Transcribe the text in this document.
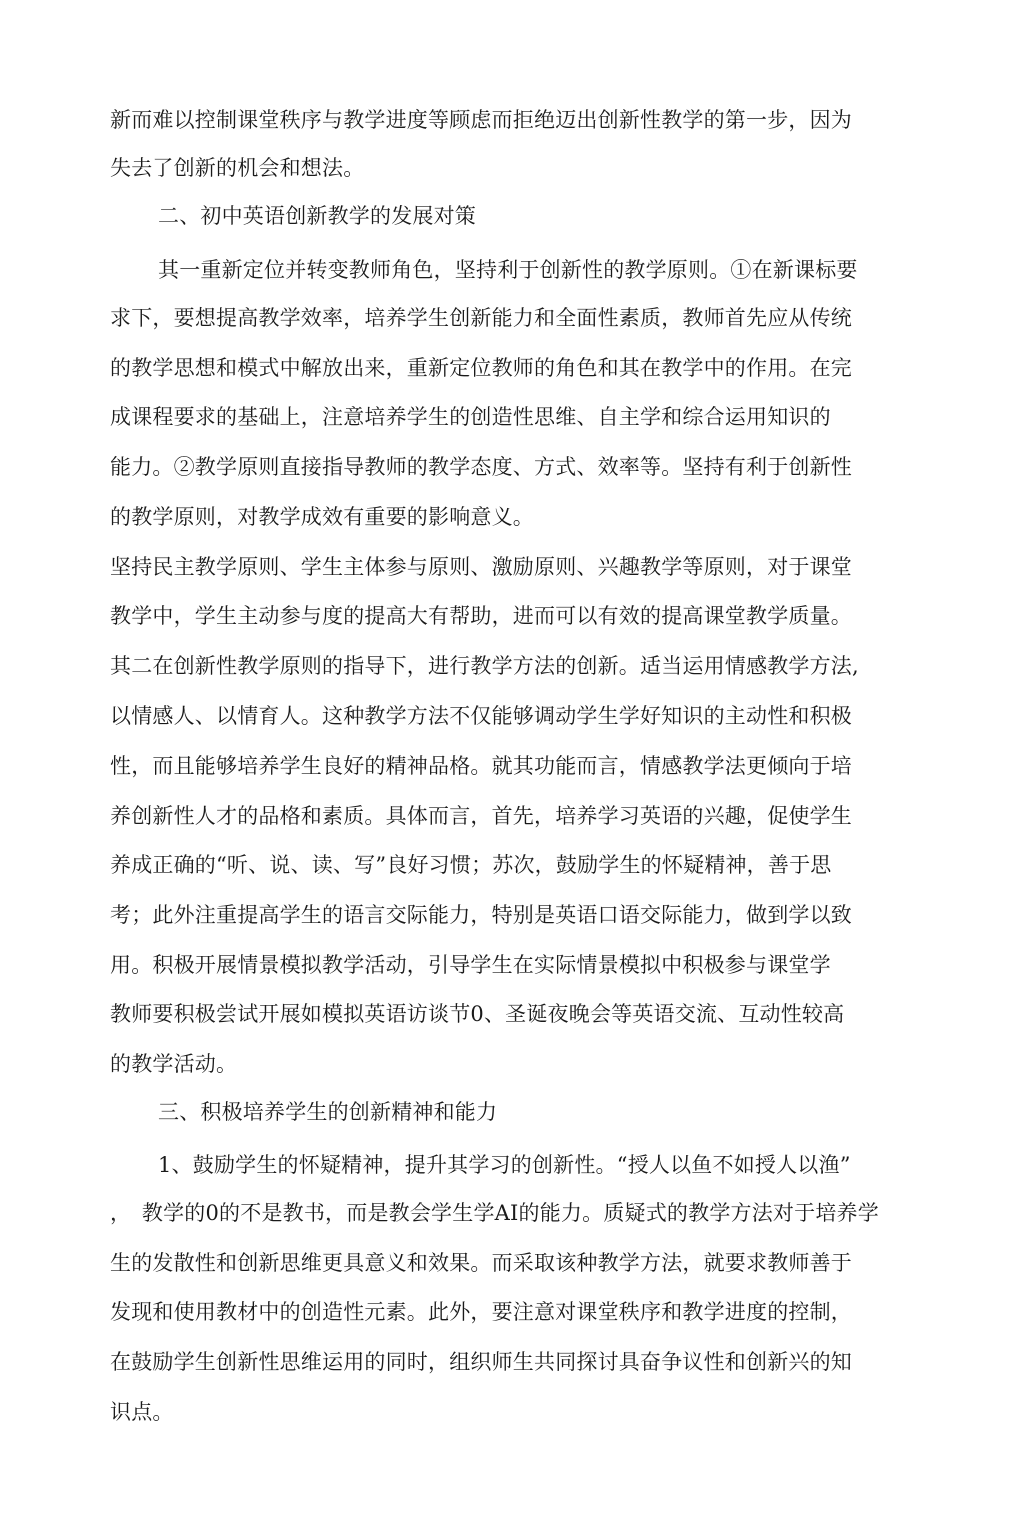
新而难以控制课堂秩序与教学进度等顾虑而拒绝迈出创新性教学的第一步，因为

失去了创新的机会和想法。

二、初中英语创新教学的发展对策

其一重新定位并转变教师角色，坚持利于创新性的教学原则。①在新课标要

求下，要想提高教学效率，培养学生创新能力和全面性素质，教师首先应从传统

的教学思想和模式中解放出来，重新定位教师的角色和其在教学中的作用。在完

成课程要求的基础上，注意培养学生的创造性思维、自主学和综合运用知识的

能力。②教学原则直接指导教师的教学态度、方式、效率等。坚持有利于创新性

的教学原则，对教学成效有重要的影响意义。

坚持民主教学原则、学生主体参与原则、激励原则、兴趣教学等原则，对于课堂

教学中，学生主动参与度的提高大有帮助，进而可以有效的提高课堂教学质量。

其二在创新性教学原则的指导下，进行教学方法的创新。适当运用情感教学方法,

以情感人、以情育人。这种教学方法不仅能够调动学生学好知识的主动性和积极

性，而且能够培养学生良好的精神品格。就其功能而言，情感教学法更倾向于培

养创新性人才的品格和素质。具体而言，首先，培养学习英语的兴趣，促使学生

养成正确的“听、说、读、写”良好习惯；苏次，鼓励学生的怀疑精神，善于思

考；此外注重提高学生的语言交际能力，特别是英语口语交际能力，做到学以致

用。积极开展情景模拟教学活动，引导学生在实际情景模拟中积极参与课堂学

教师要积极尝试开展如模拟英语访谈节0、圣诞夜晚会等英语交流、互动性较高

的教学活动。

三、积极培养学生的创新精神和能力

1、鼓励学生的怀疑精神，提升其学习的创新性。“授人以鱼不如授人以渔”

，　教学的0的不是教书，而是教会学生学AI的能力。质疑式的教学方法对于培养学

生的发散性和创新思维更具意义和效果。而采取该种教学方法，就要求教师善于

发现和使用教材中的创造性元素。此外，要注意对课堂秩序和教学进度的控制，

在鼓励学生创新性思维运用的同时，组织师生共同探讨具奋争议性和创新兴的知

识点。
